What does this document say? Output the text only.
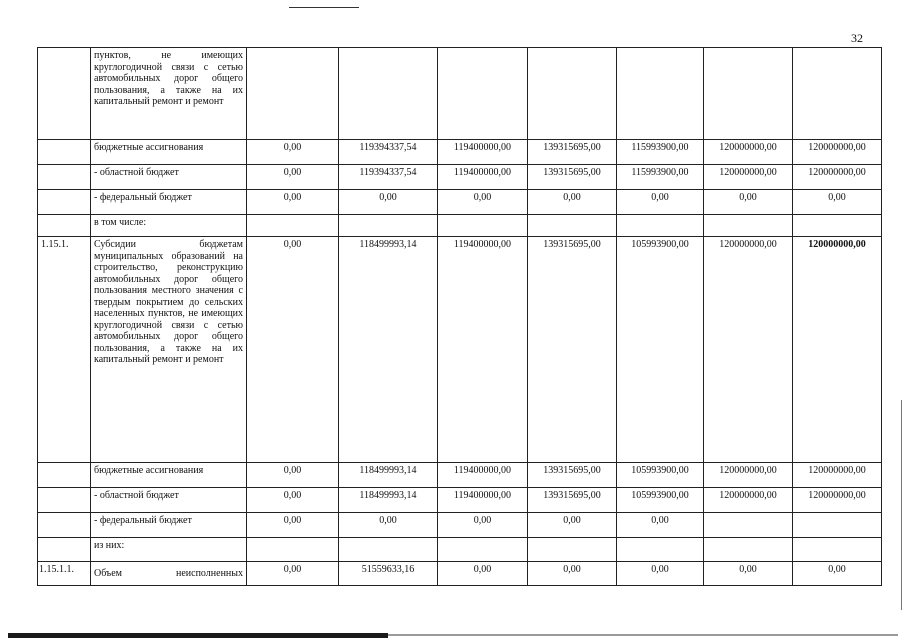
32
	пунктов, не имеющих круглогодичной связи с сетью автомобильных дорог общего пользования, а также на их капитальный ремонт и ремонт							
	бюджетные ассигнования	0,00	119394337,54	119400000,00	139315695,00	115993900,00	120000000,00	120000000,00
	- областной бюджет	0,00	119394337,54	119400000,00	139315695,00	115993900,00	120000000,00	120000000,00
	- федеральный бюджет	0,00	0,00	0,00	0,00	0,00	0,00	0,00
	в том числе:							
1.15.1.	Субсидии бюджетам муниципальных образований на строительство, реконструкцию автомобильных дорог общего пользования местного значения с твердым покрытием до сельских населенных пунктов, не имеющих круглогодичной связи с сетью автомобильных дорог общего пользования, а также на их капитальный ремонт и ремонт	0,00	118499993,14	119400000,00	139315695,00	105993900,00	120000000,00	120000000,00
	бюджетные ассигнования	0,00	118499993,14	119400000,00	139315695,00	105993900,00	120000000,00	120000000,00
	- областной бюджет	0,00	118499993,14	119400000,00	139315695,00	105993900,00	120000000,00	120000000,00
	- федеральный бюджет	0,00	0,00	0,00	0,00	0,00		
	из них:							
1.15.1.1.	Объем неисполненных	0,00	51559633,16	0,00	0,00	0,00	0,00	0,00
